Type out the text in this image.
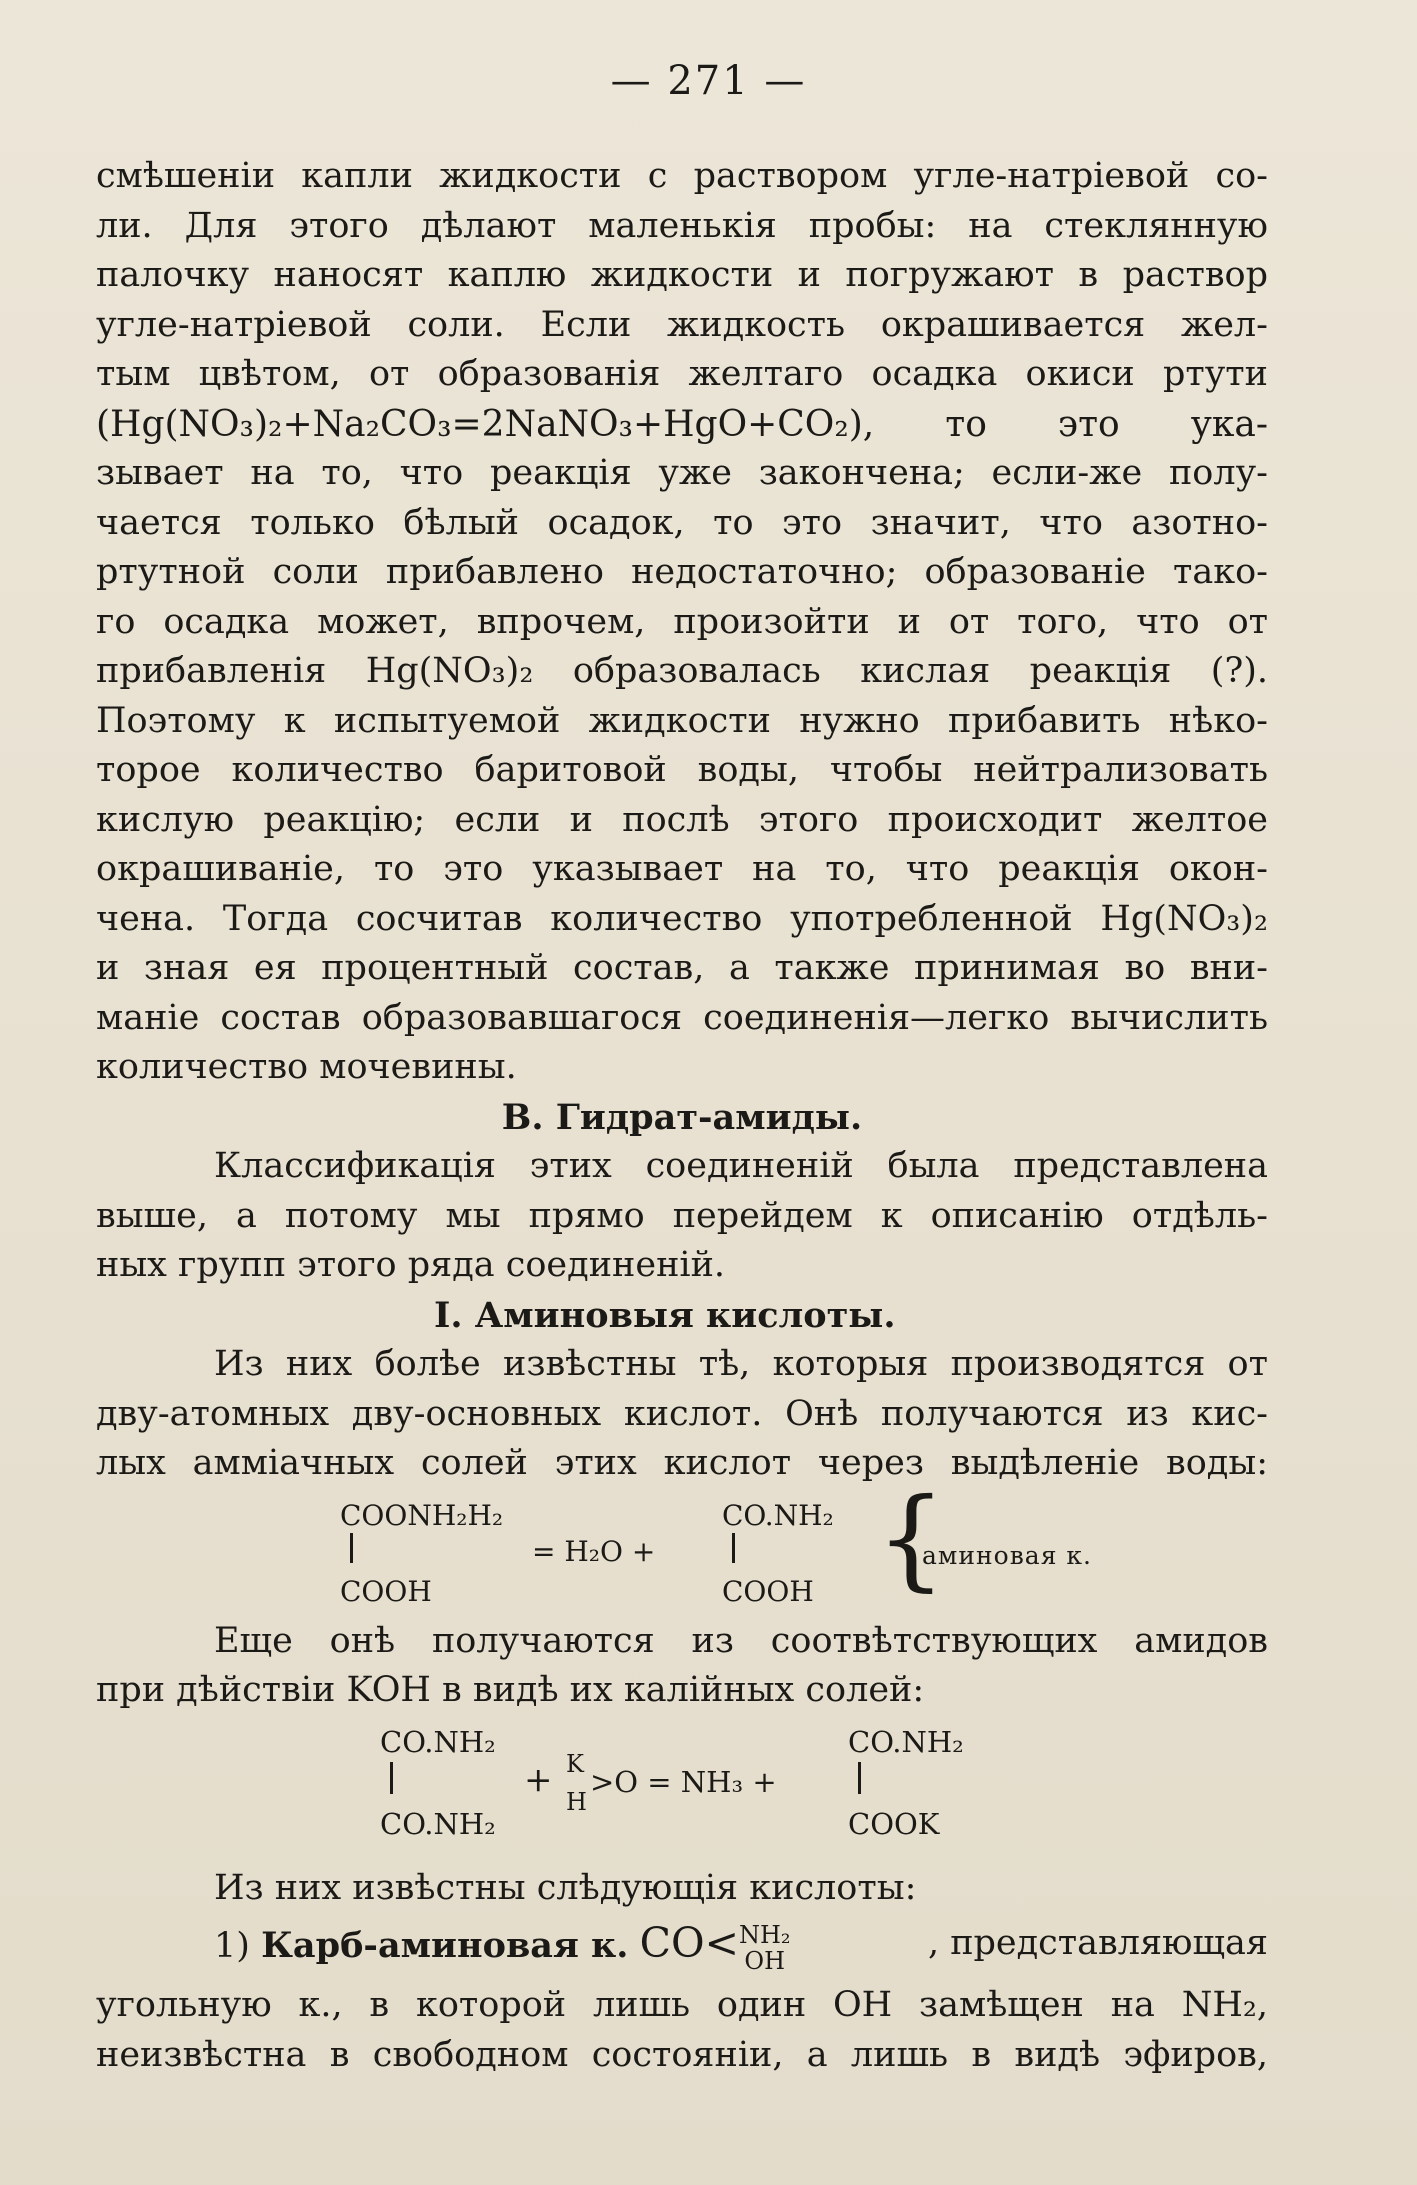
— 271 —
смѣшеніи капли жидкости с раствором угле-натріевой со-
ли. Для этого дѣлают маленькія пробы: на стеклянную
палочку наносят каплю жидкости и погружают в раствор
угле-натріевой соли. Если жидкость окрашивается жел-
тым цвѣтом, от образованія желтаго осадка окиси ртути
(Hg(NO₃)₂+Na₂CO₃=2NaNO₃+HgO+CO₂), то это ука-
зывает на то, что реакція уже закончена; если-же полу-
чается только бѣлый осадок, то это значит, что азотно-
ртутной соли прибавлено недостаточно; образованіе тако-
го осадка может, впрочем, произойти и от того, что от
прибавленія Hg(NO₃)₂ образовалась кислая реакція (?).
Поэтому к испытуемой жидкости нужно прибавить нѣко-
торое количество баритовой воды, чтобы нейтрализовать
кислую реакцію; если и послѣ этого происходит желтое
окрашиваніе, то это указывает на то, что реакція окон-
чена. Тогда сосчитав количество употребленной Hg(NO₃)₂
и зная ея процентный состав, а также принимая во вни-
маніе состав образовавшагося соединенія—легко вычислить
количество мочевины.
B. Гидрат-амиды.
Классификація этих соединеній была представлена
выше, а потому мы прямо перейдем к описанію отдѣль-
ных групп этого ряда соединеній.
I. Аминовыя кислоты.
Из них болѣе извѣстны тѣ, которыя производятся от
дву-атомных дву-основных кислот. Онѣ получаются из кис-
лых амміачных солей этих кислот через выдѣленіе воды:
COONH₂H₂
COOH
= H₂O +
CO.NH₂
COOH {
аминовая к.
Еще онѣ получаются из соотвѣтствующих амидов
при дѣйствіи KOH в видѣ их калійных солей:
CO.NH₂
CO.NH₂
+ K
H
>O = NH₃ +
CO.NH₂
COOK
Из них извѣстны слѣдующія кислоты:
1) Карб-аминовая к. CO< NH₂
OH	, представляющая
угольную к., в которой лишь один OH замѣщен на NH₂,
неизвѣстна в свободном состояніи, а лишь в видѣ эфиров,
